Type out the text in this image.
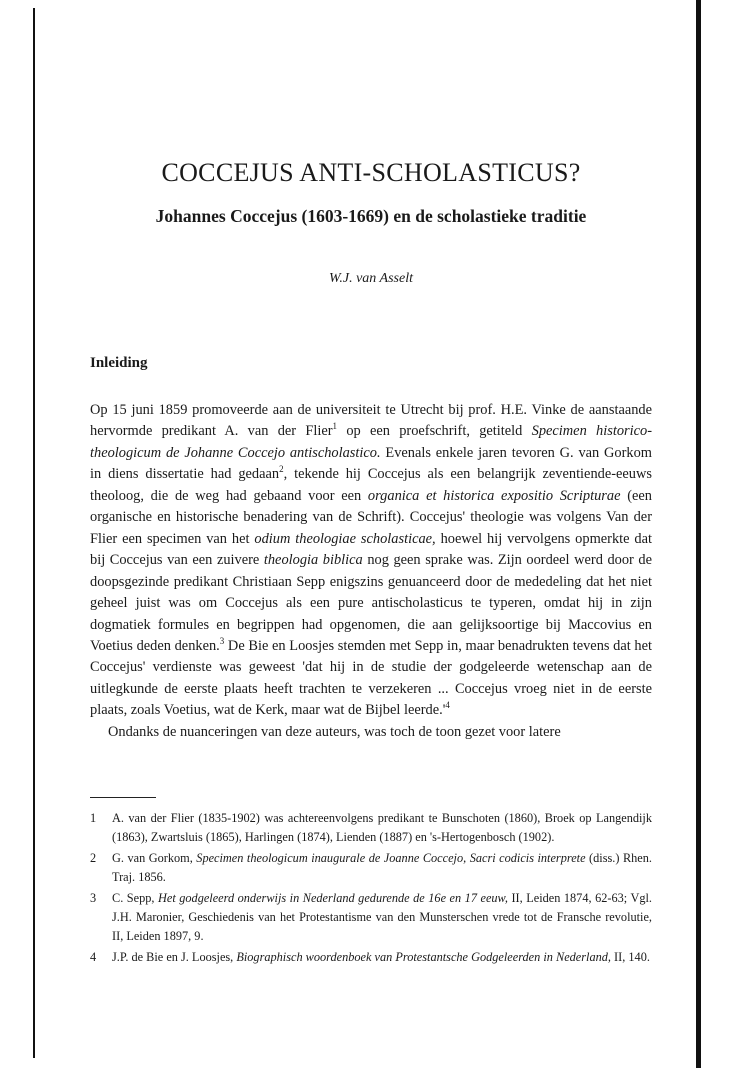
COCCEJUS ANTI-SCHOLASTICUS?
Johannes Coccejus (1603-1669) en de scholastieke traditie
W.J. van Asselt
Inleiding

Op 15 juni 1859 promoveerde aan de universiteit te Utrecht bij prof. H.E. Vinke de aanstaande hervormde predikant A. van der Flier$^1$ op een proefschrift, getiteld Specimen historico-theologicum de Johanne Coccejo antischolastico. Evenals enkele jaren tevoren G. van Gorkom in diens dissertatie had gedaan$^2$, tekende hij Coccejus als een belangrijk zeventiende-eeuws theoloog, die de weg had gebaand voor een organica et historica expositio Scripturae (een organische en historische benadering van de Schrift). Coccejus' theologie was volgens Van der Flier een specimen van het odium theologiae scholasticae, hoewel hij vervolgens opmerkte dat bij Coccejus van een zuivere theologia biblica nog geen sprake was. Zijn oordeel werd door de doopsgezinde predikant Christiaan Sepp enigszins genuanceerd door de mededeling dat het niet geheel juist was om Coccejus als een pure antischolasticus te typeren, omdat hij in zijn dogmatiek formules en begrippen had opgenomen, die aan gelijksoortige bij Maccovius en Voetius deden denken.$^3$ De Bie en Loosjes stemden met Sepp in, maar benadrukten tevens dat het Coccejus' verdienste was geweest 'dat hij in de studie der godgeleerde wetenschap aan de uitlegkunde de eerste plaats heeft trachten te verzekeren ... Coccejus vroeg niet in de eerste plaats, zoals Voetius, wat de Kerk, maar wat de Bijbel $leerde.'^4$

Ondanks de nuanceringen van deze auteurs, was toch de toon gezet voor latere

1 A. van der Flier (1835-1902) was achtereenvolgens predikant te Bunschoten (1860), Broek op Langendijk (1863), Zwartsluis (1865), Harlingen (1874), Lienden (1887) en 's-Hertogenbosch (1902).
2 G. van Gorkom, Specimen theologicum inaugurale de Joanne Coccejo, Sacri codicis interprete (diss.) Rhen. Traj. 1856.
3 C. Sepp, Het godgeleerd onderwijs in Nederland gedurende de 16e en 17 eeuw, II, Leiden 1874, 62-63; Vgl. J.H. Maronier, Geschiedenis van het Protestantisme van den Munsterschen vrede tot de Fransche revolutie, II, Leiden 1897, 9.
4 J.P. de Bie en J. Loosjes, Biographisch woordenboek van Protestantsche Godgeleerden in Nederland, II, 140.
